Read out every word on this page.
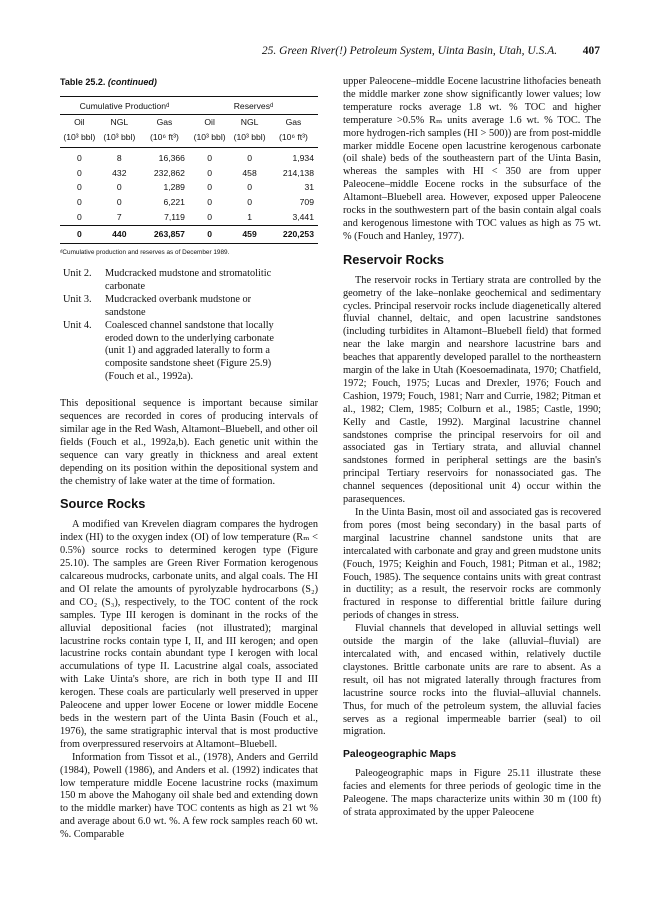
25. Green River(!) Petroleum System, Uinta Basin, Utah, U.S.A. 407
Table 25.2. (continued)
Cumulative Productionᵈ			Reservesᵈ		
Oil	NGL	Gas	Oil	NGL	Gas
(10³ bbl)	(10³ bbl)	(10⁶ ft³)	(10³ bbl)	(10³ bbl)	(10⁶ ft³)
0	8	16,366	0	0	1,934
0	432	232,862	0	458	214,138
0	0	1,289	0	0	31
0	0	6,221	0	0	709
0	7	7,119	0	1	3,441
0	440	263,857	0	459	220,253
ᵈCumulative production and reserves as of December 1989.
Unit 2.	Mudcracked mudstone and stromatolitic carbonate
Unit 3.	Mudcracked overbank mudstone or sandstone
Unit 4.	Coalesced channel sandstone that locally eroded down to the underlying carbonate (unit 1) and aggraded laterally to form a composite sandstone sheet (Figure 25.9) (Fouch et al., 1992a).

This depositional sequence is important because similar sequences are recorded in cores of producing intervals of similar age in the Red Wash, Altamont–Bluebell, and other oil fields (Fouch et al., 1992a,b). Each genetic unit within the sequence can vary greatly in thickness and areal extent depending on its position within the depositional system and the chemistry of lake water at the time of formation.

Source Rocks

A modified van Krevelen diagram compares the hydrogen index (HI) to the oxygen index (OI) of low temperature (Rₘ < 0.5%) source rocks to determined kerogen type (Figure 25.10). The samples are Green River Formation kerogenous calcareous mudrocks, carbonate units, and algal coals. The HI and OI relate the amounts of pyrolyzable hydrocarbons (S₂) and CO₂ (S₃), respectively, to the TOC content of the rock samples. Type III kerogen is dominant in the rocks of the alluvial depositional facies (not illustrated); marginal lacustrine rocks contain type I, II, and III kerogen; and open lacustrine rocks contain abundant type I kerogen with local accumulations of type II. Lacustrine algal coals, associated with Lake Uinta's shore, are rich in both type II and III kerogen. These coals are particularly well preserved in upper Paleocene and upper lower Eocene or lower middle Eocene beds in the western part of the Uinta Basin (Fouch et al., 1976), the same stratigraphic interval that is most productive from overpressured reservoirs at Altamont–Bluebell.

Information from Tissot et al., (1978), Anders and Gerrild (1984), Powell (1986), and Anders et al. (1992) indicates that low temperature middle Eocene lacustrine rocks (maximum 150 m above the Mahogany oil shale bed and extending down to the middle marker) have TOC contents as high as 21 wt % and average about 6.0 wt. %. A few rock samples reach 60 wt. %. Comparable

upper Paleocene–middle Eocene lacustrine lithofacies beneath the middle marker zone show significantly lower values; low temperature rocks average 1.8 wt. % TOC and higher temperature >0.5% Rₘ units average 1.6 wt. % TOC. The more hydrogen-rich samples (HI > 500)) are from post-middle marker middle Eocene open lacustrine kerogenous carbonate (oil shale) beds of the southeastern part of the Uinta Basin, whereas the samples with HI < 350 are from upper Paleocene–middle Eocene rocks in the subsurface of the Altamont–Bluebell area. However, exposed upper Paleocene rocks in the southwestern part of the basin contain algal coals and kerogenous limestone with TOC values as high as 75 wt. % (Fouch and Hanley, 1977).

Reservoir Rocks

The reservoir rocks in Tertiary strata are controlled by the geometry of the lake–nonlake geochemical and sedimentary cycles. Principal reservoir rocks include diagenetically altered fluvial channel, deltaic, and open lacustrine sandstones (including turbidites in Altamont–Bluebell field) that formed near the lake margin and nearshore lacustrine bars and beaches that apparently developed parallel to the northeastern margin of the lake in Utah (Koesoemadinata, 1970; Chatfield, 1972; Fouch, 1975; Lucas and Drexler, 1976; Fouch and Cashion, 1979; Fouch, 1981; Narr and Currie, 1982; Pitman et al., 1982; Clem, 1985; Colburn et al., 1985; Castle, 1990; Kelly and Castle, 1992). Marginal lacustrine channel sandstones comprise the principal reservoirs for oil and associated gas in Tertiary strata, and alluvial channel sandstones formed in peripheral settings are the basin's principal Tertiary reservoirs for nonassociated gas. The channel sequences (depositional unit 4) occur within the parasequences.

In the Uinta Basin, most oil and associated gas is recovered from pores (most being secondary) in the basal parts of marginal lacustrine channel sandstone units that are intercalated with carbonate and gray and green mudstone units (Fouch, 1975; Keighin and Fouch, 1981; Pitman et al., 1982; Fouch, 1985). The sequence contains units with great contrast in ductility; as a result, the reservoir rocks are commonly fractured in response to differential brittle failure during periods of changes in stress.

Fluvial channels that developed in alluvial settings well outside the margin of the lake (alluvial–fluvial) are intercalated with, and encased within, relatively ductile claystones. Brittle carbonate units are rare to absent. As a result, oil has not migrated laterally through fractures from lacustrine source rocks into the fluvial–alluvial channels. Thus, for much of the petroleum system, the alluvial facies serves as a regional impermeable barrier (seal) to oil migration.

Paleogeographic Maps

Paleogeographic maps in Figure 25.11 illustrate these facies and elements for three periods of geologic time in the Paleogene. The maps characterize units within 30 m (100 ft) of strata approximated by the upper Paleocene
